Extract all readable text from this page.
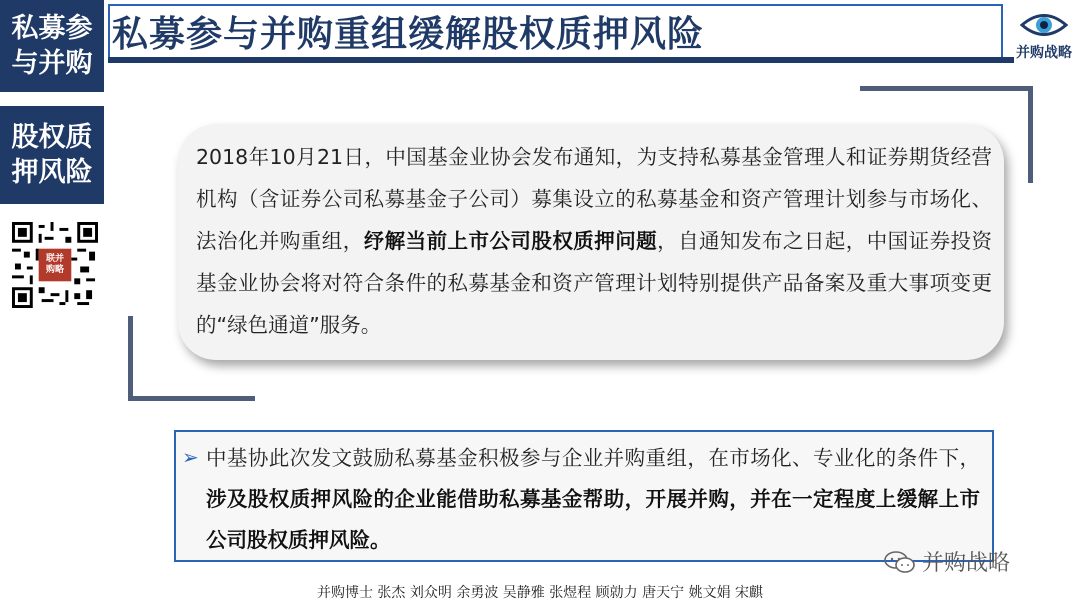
私募参与并购
股权质押风险
联并购略
私募参与并购重组缓解股权质押风险	并购战略
2018年10月21日，中国基金业协会发布通知，为支持私募基金管理人和证券期货经营机构（含证券公司私募基金子公司）募集设立的私募基金和资产管理计划参与市场化、法治化并购重组，纾解当前上市公司股权质押问题，自通知发布之日起，中国证券投资基金业协会将对符合条件的私募基金和资产管理计划特别提供产品备案及重大事项变更的“绿色通道”服务。
➢ 中基协此次发文鼓励私募基金积极参与企业并购重组，在市场化、专业化的条件下，涉及股权质押风险的企业能借助私募基金帮助，开展并购，并在一定程度上缓解上市公司股权质押风险。
并购战略
并购博士 张杰 刘众明 余勇波 吴静雅 张煜程 顾勍力 唐天宁 姚文娟 宋麒
